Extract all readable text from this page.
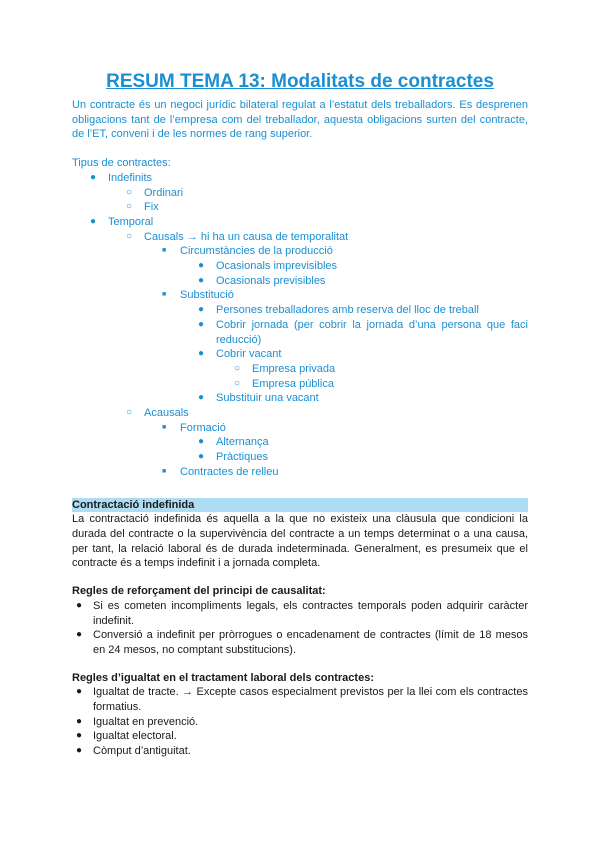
RESUM TEMA 13: Modalitats de contractes

Un contracte és un negoci jurídic bilateral regulat a l’estatut dels treballadors. Es desprenen obligacions tant de l’empresa com del treballador, aquesta obligacions surten del contracte, de l’ET, conveni i de les normes de rang superior.

Tipus de contractes:

● Indefinits
○ Ordinari
○ Fix
● Temporal
○ Causals → hi ha un causa de temporalitat
■ Circumstàncies de la producció
● Ocasionals imprevisibles
● Ocasionals previsibles
■ Substitució
● Persones treballadores amb reserva del lloc de treball
● Cobrir jornada (per cobrir la jornada d’una persona que faci reducció)
● Cobrir vacant
○ Empresa privada
○ Empresa pública
● Substituir una vacant
○ Acausals
■ Formació
● Alternança
● Pràctiques
■ Contractes de relleu

Contractació indefinida

La contractació indefinida és aquella a la que no existeix una clàusula que condicioni la durada del contracte o la supervivència del contracte a un temps determinat o a una causa, per tant, la relació laboral és de durada indeterminada. Generalment, es presumeix que el contracte és a temps indefinit i a jornada completa.

Regles de reforçament del principi de causalitat:

● Si es cometen incompliments legals, els contractes temporals poden adquirir caràcter indefinit.
● Conversió a indefinit per pròrrogues o encadenament de contractes (límit de 18 mesos en 24 mesos, no comptant substitucions).

Regles d’igualtat en el tractament laboral dels contractes:

● Igualtat de tracte. → Excepte casos especialment previstos per la llei com els contractes formatius.
● Igualtat en prevenció.
● Igualtat electoral.
● Còmput d’antiguitat.
